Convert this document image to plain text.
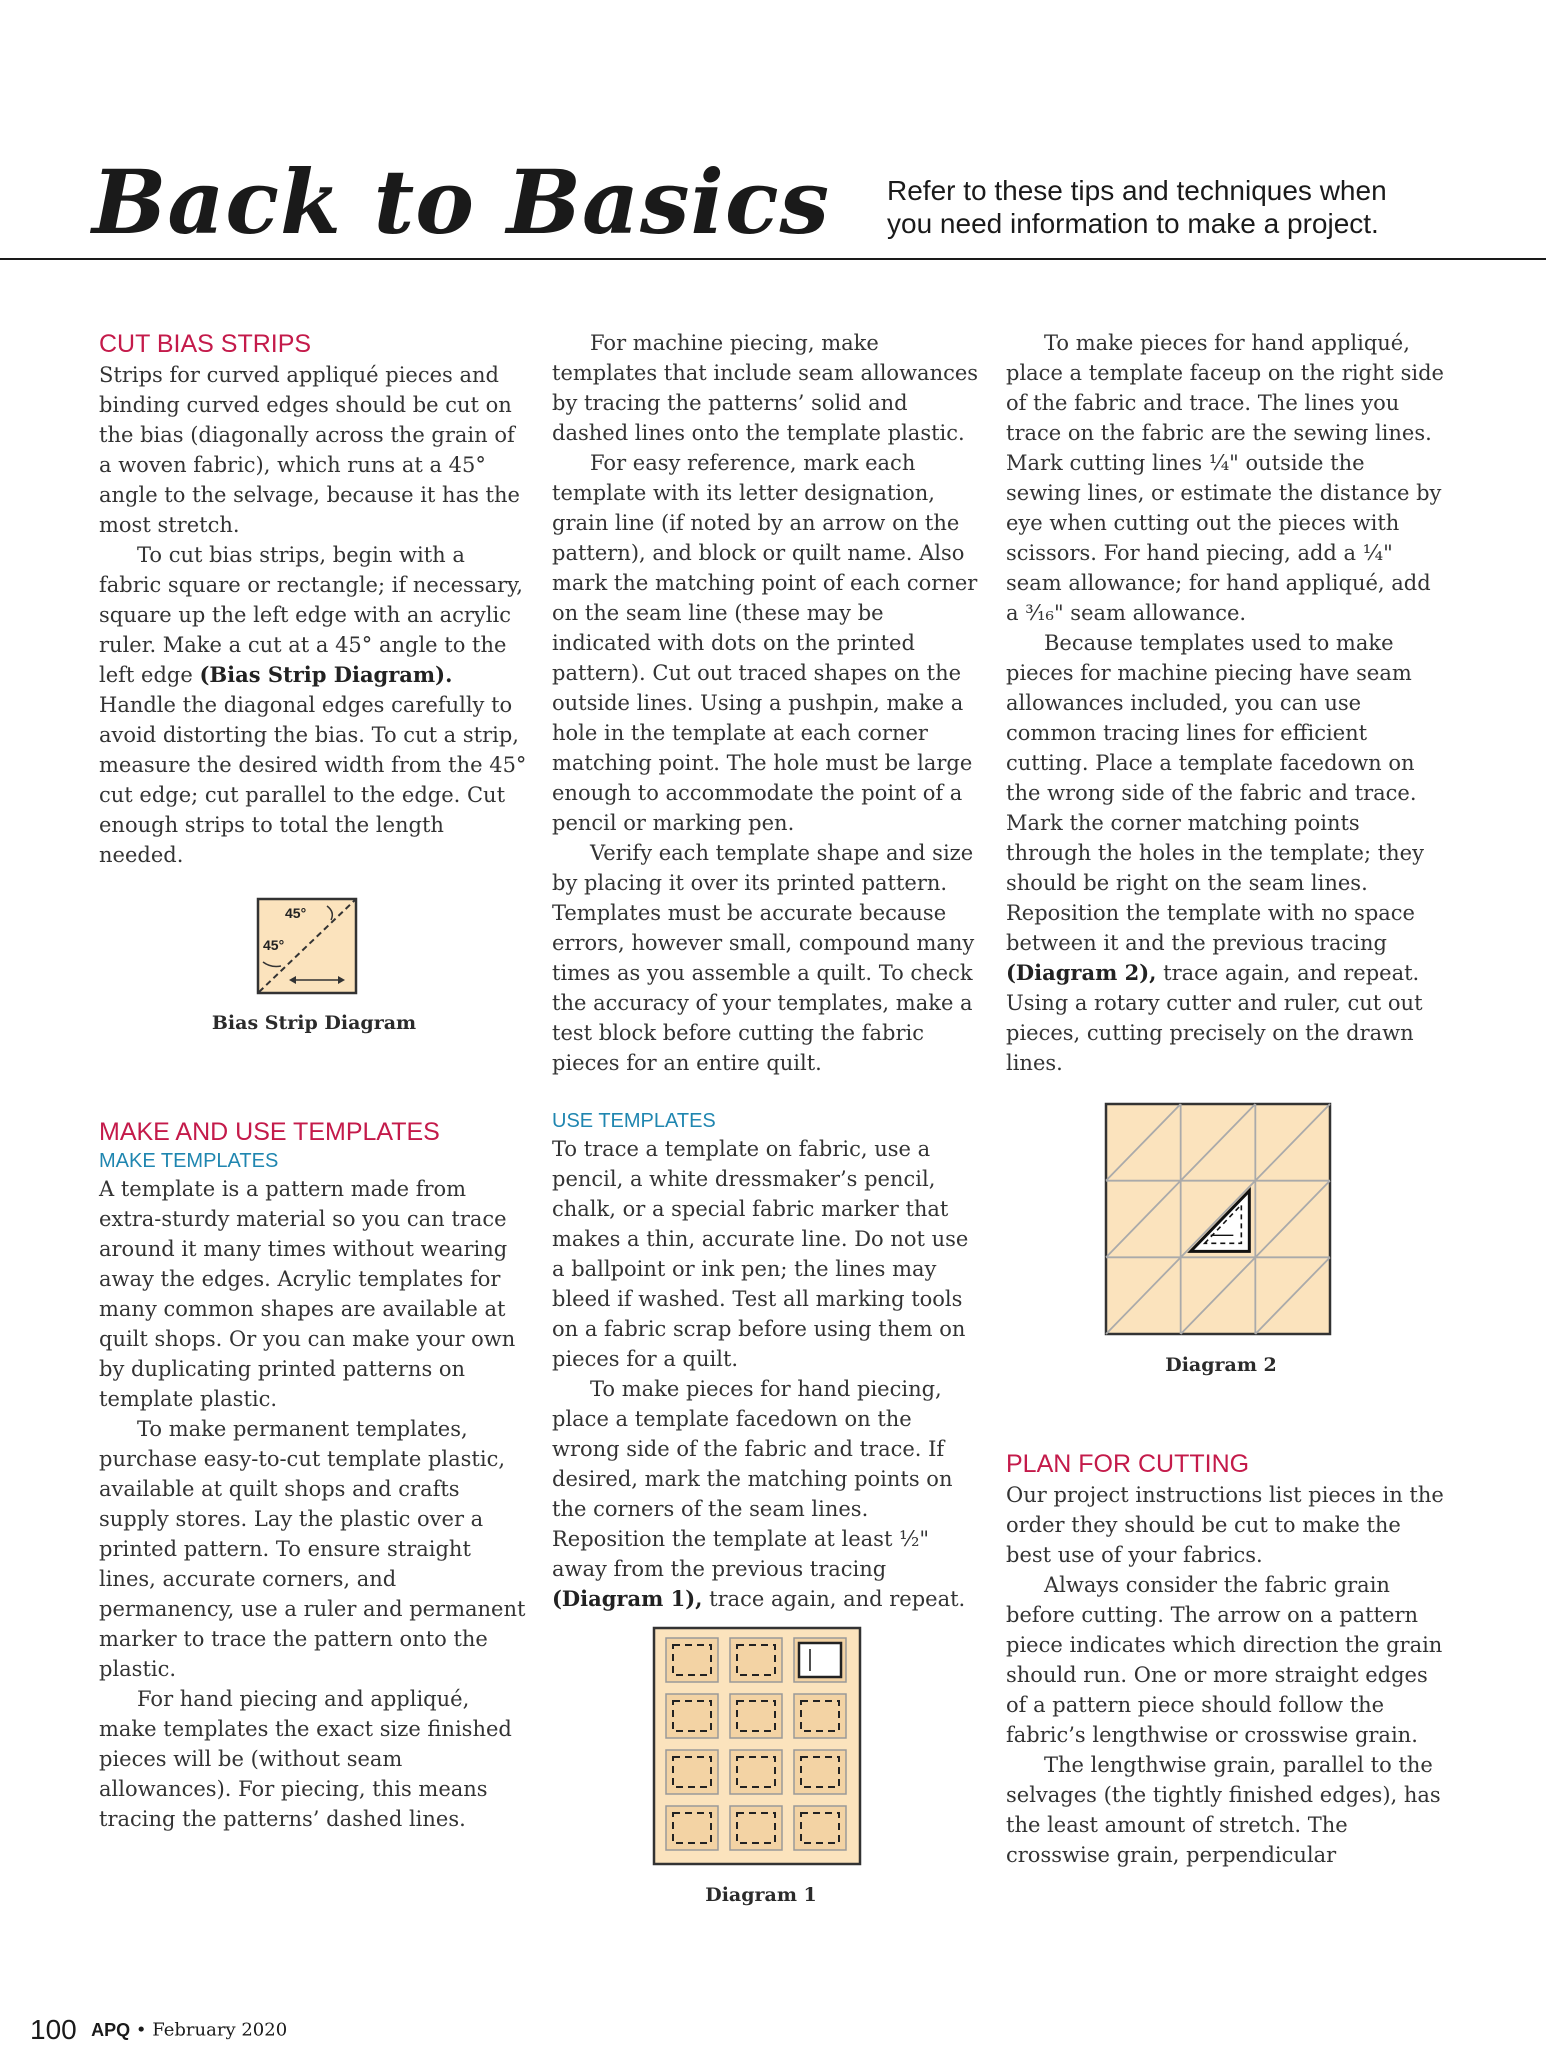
Back to Basics Refer to these tips and techniques when
you need information to make a project.
CUT BIAS STRIPS

Strips for curved appliqué pieces and binding curved edges should be cut on the bias (diagonally across the grain of a woven fabric), which runs at a 45° angle to the selvage, because it has the most stretch.

To cut bias strips, begin with a fabric square or rectangle; if necessary, square up the left edge with an acrylic ruler. Make a cut at a 45° angle to the left edge (Bias Strip Diagram). Handle the diagonal edges carefully to avoid distorting the bias. To cut a strip, measure the desired width from the 45° cut edge; cut parallel to the edge. Cut enough strips to total the length needed.

45°
45°
Bias Strip Diagram
MAKE AND USE TEMPLATES
MAKE TEMPLATES

A template is a pattern made from extra-sturdy material so you can trace around it many times without wearing away the edges. Acrylic templates for many common shapes are available at quilt shops. Or you can make your own by duplicating printed patterns on template plastic.

To make permanent templates, purchase easy-to-cut template plastic, available at quilt shops and crafts supply stores. Lay the plastic over a printed pattern. To ensure straight lines, accurate corners, and permanency, use a ruler and permanent marker to trace the pattern onto the plastic.

For hand piecing and appliqué, make templates the exact size finished pieces will be (without seam allowances). For piecing, this means tracing the patterns’ dashed lines.

For machine piecing, make templates that include seam allowances by tracing the patterns’ solid and dashed lines onto the template plastic.

For easy reference, mark each template with its letter designation, grain line (if noted by an arrow on the pattern), and block or quilt name. Also mark the matching point of each corner on the seam line (these may be indicated with dots on the printed pattern). Cut out traced shapes on the outside lines. Using a pushpin, make a hole in the template at each corner matching point. The hole must be large enough to accommodate the point of a pencil or marking pen.

Verify each template shape and size by placing it over its printed pattern. Templates must be accurate because errors, however small, compound many times as you assemble a quilt. To check the accuracy of your templates, make a test block before cutting the fabric pieces for an entire quilt.

USE TEMPLATES

To trace a template on fabric, use a pencil, a white dressmaker’s pencil, chalk, or a special fabric marker that makes a thin, accurate line. Do not use a ballpoint or ink pen; the lines may bleed if washed. Test all marking tools on a fabric scrap before using them on pieces for a quilt.

To make pieces for hand piecing, place a template facedown on the wrong side of the fabric and trace. If desired, mark the matching points on the corners of the seam lines. Reposition the template at least ½" away from the previous tracing (Diagram 1), trace again, and repeat.

Diagram 1

To make pieces for hand appliqué, place a template faceup on the right side of the fabric and trace. The lines you trace on the fabric are the sewing lines. Mark cutting lines ¼" outside the sewing lines, or estimate the distance by eye when cutting out the pieces with scissors. For hand piecing, add a ¼" seam allowance; for hand appliqué, add a ³⁄₁₆" seam allowance.

Because templates used to make pieces for machine piecing have seam allowances included, you can use common tracing lines for efficient cutting. Place a template facedown on the wrong side of the fabric and trace. Mark the corner matching points through the holes in the template; they should be right on the seam lines. Reposition the template with no space between it and the previous tracing (Diagram 2), trace again, and repeat. Using a rotary cutter and ruler, cut out pieces, cutting precisely on the drawn lines.

Diagram 2
PLAN FOR CUTTING

Our project instructions list pieces in the order they should be cut to make the best use of your fabrics.

Always consider the fabric grain before cutting. The arrow on a pattern piece indicates which direction the grain should run. One or more straight edges of a pattern piece should follow the fabric’s lengthwise or crosswise grain.

The lengthwise grain, parallel to the selvages (the tightly finished edges), has the least amount of stretch. The crosswise grain, perpendicular

100 APQ • February 2020
